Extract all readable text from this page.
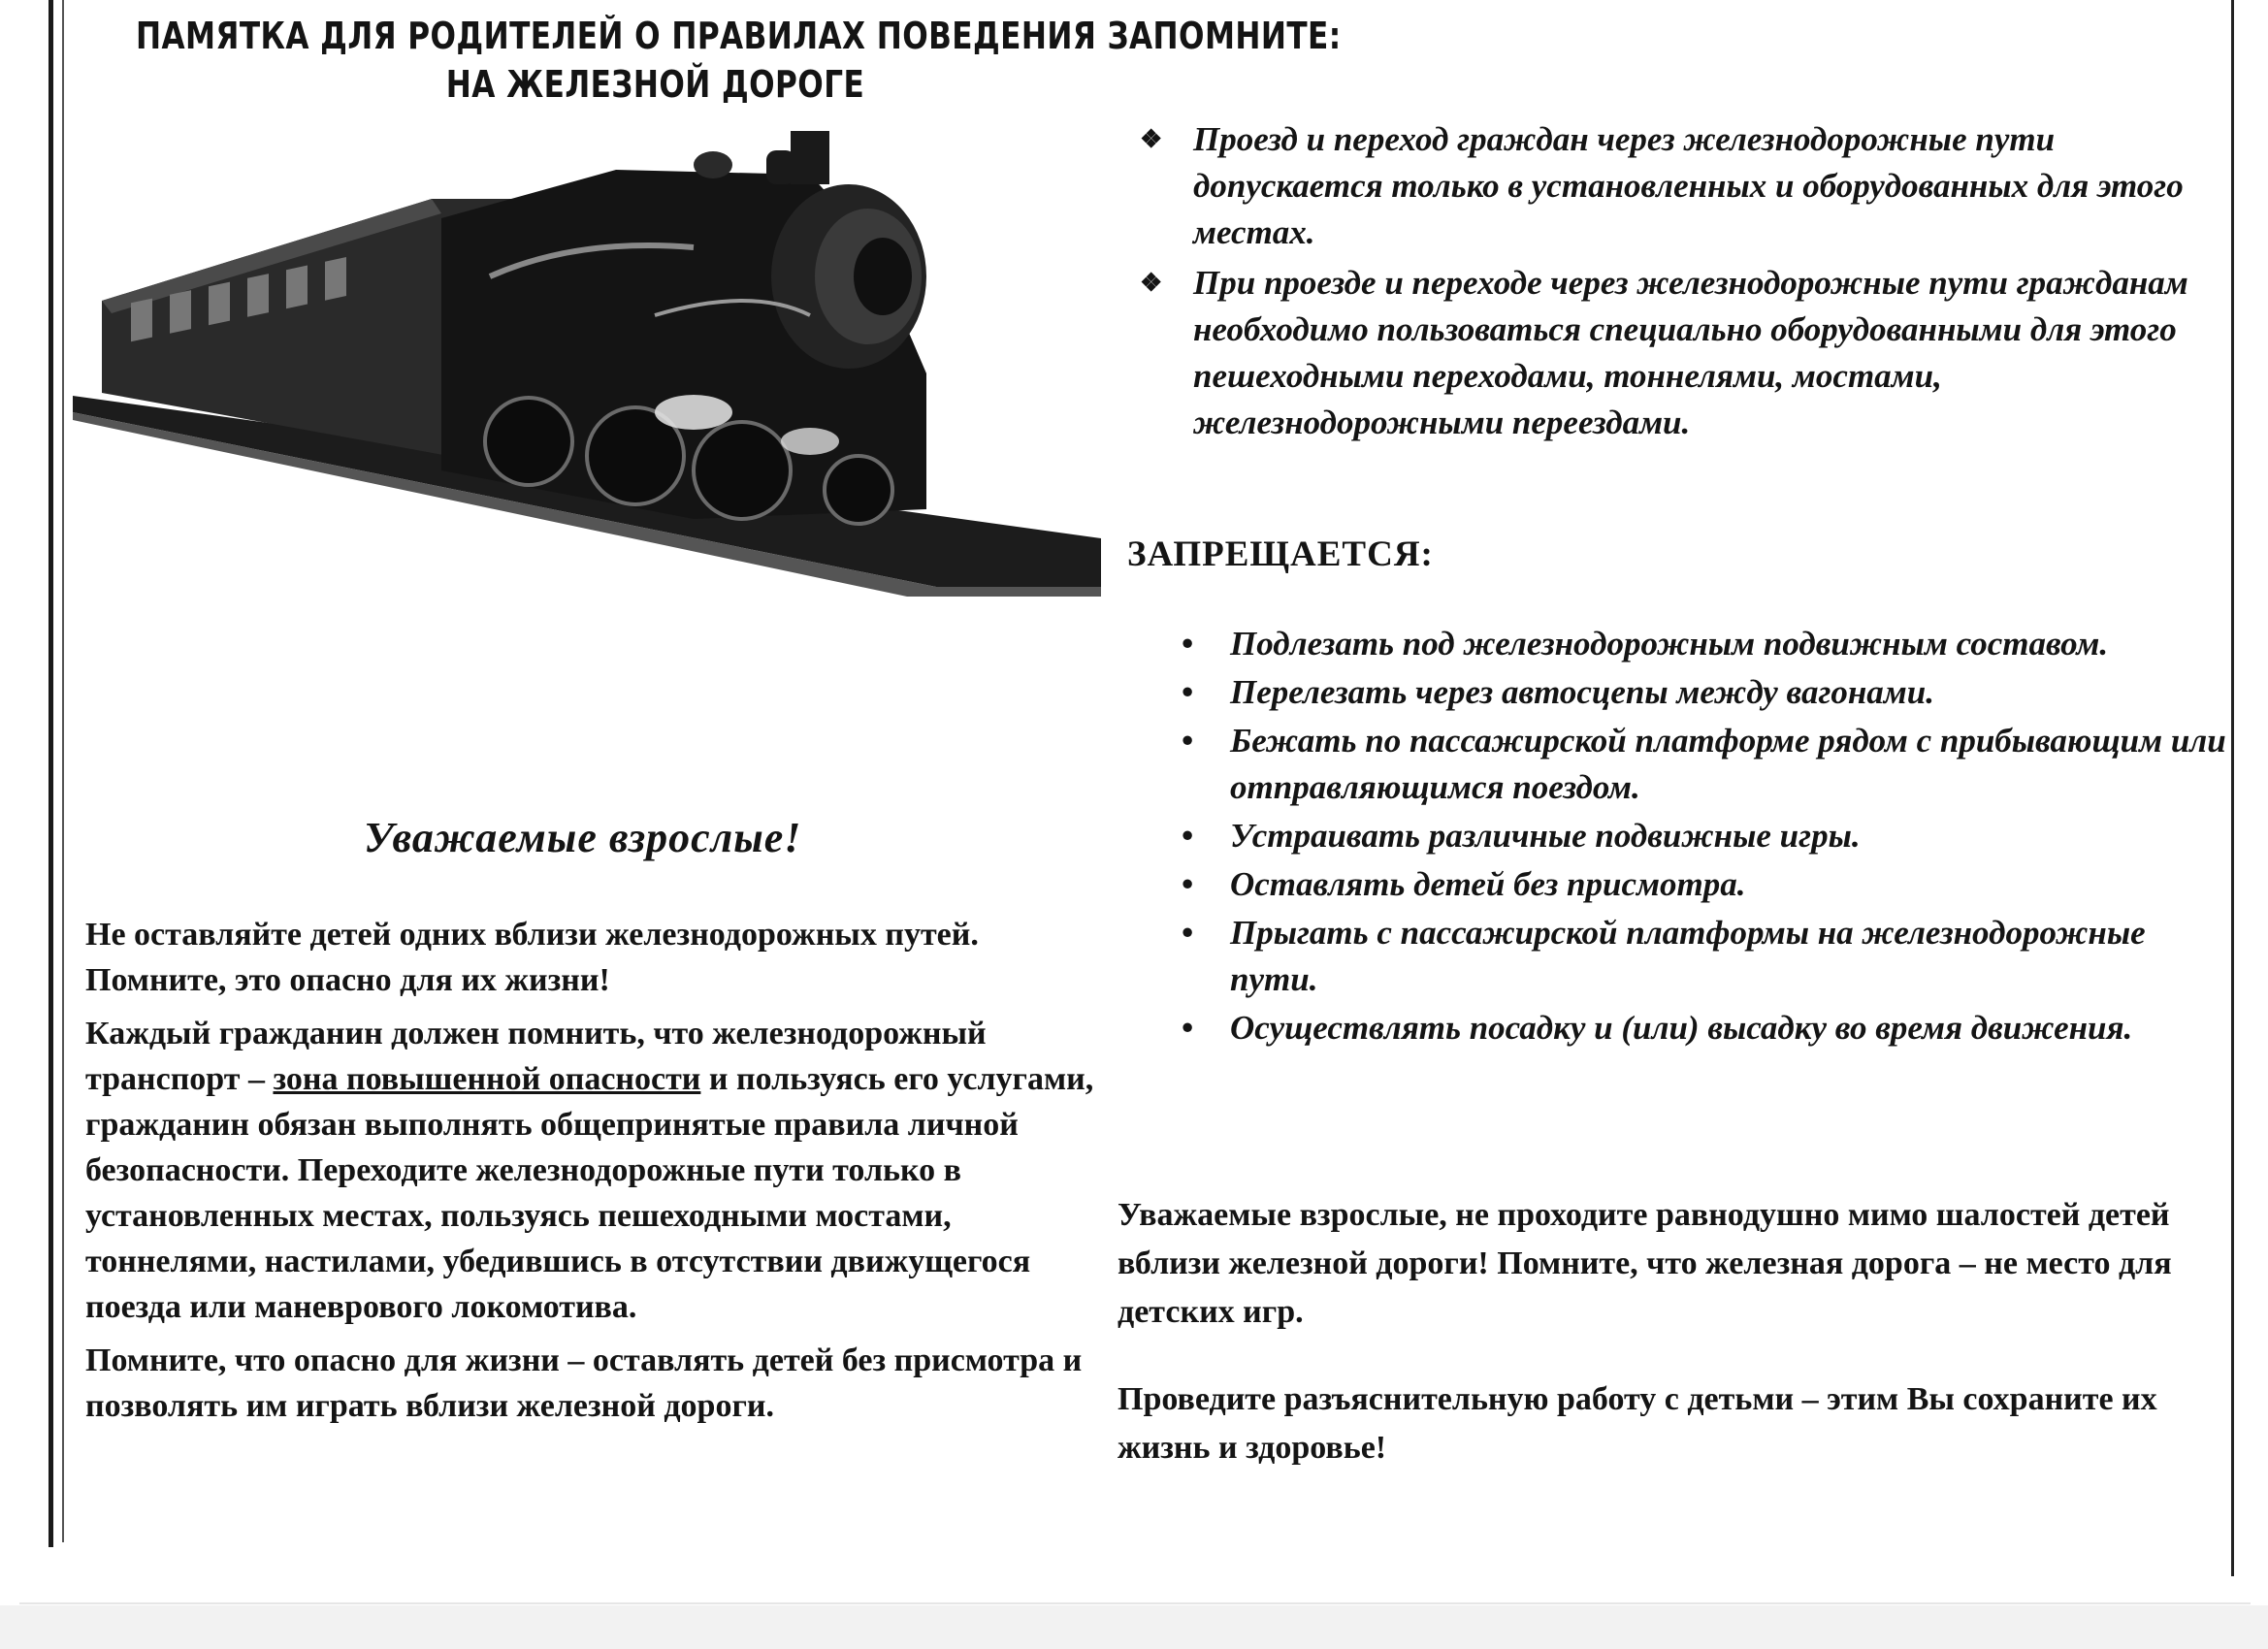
ПАМЯТКА ДЛЯ РОДИТЕЛЕЙ О ПРАВИЛАХ ПОВЕДЕНИЯ ЗАПОМНИТЕ:
НА ЖЕЛЕЗНОЙ ДОРОГЕ
❖ Проезд и переход граждан через железнодорожные пути допускается только в установленных и оборудованных для этого местах.
❖ При проезде и переходе через железнодорожные пути гражданам необходимо пользоваться специально оборудованными для этого пешеходными переходами, тоннелями, мостами, железнодорожными переездами.
ЗАПРЕЩАЕТСЯ:
• Подлезать под железнодорожным подвижным составом.
• Перелезать через автосцепы между вагонами.
• Бежать по пассажирской платформе рядом с прибывающим или отправляющимся поездом.
• Устраивать различные подвижные игры.
• Оставлять детей без присмотра.
• Прыгать с пассажирской платформы на железнодорожные пути.
• Осуществлять посадку и (или) высадку во время движения.

Уважаемые взрослые, не проходите равнодушно мимо шалостей детей вблизи железной дороги! Помните, что железная дорога – не место для детских игр.

Проведите разъяснительную работу с детьми – этим Вы сохраните их жизнь и здоровье!

Уважаемые взрослые!

Не оставляйте детей одних вблизи железнодорожных путей. Помните, это опасно для их жизни!

Каждый гражданин должен помнить, что железнодорожный транспорт – зона повышенной опасности и пользуясь его услугами, гражданин обязан выполнять общепринятые правила личной безопасности. Переходите железнодорожные пути только в установленных местах, пользуясь пешеходными мостами, тоннелями, настилами, убедившись в отсутствии движущегося поезда или маневрового локомотива.

Помните, что опасно для жизни – оставлять детей без присмотра и позволять им играть вблизи железной дороги.
